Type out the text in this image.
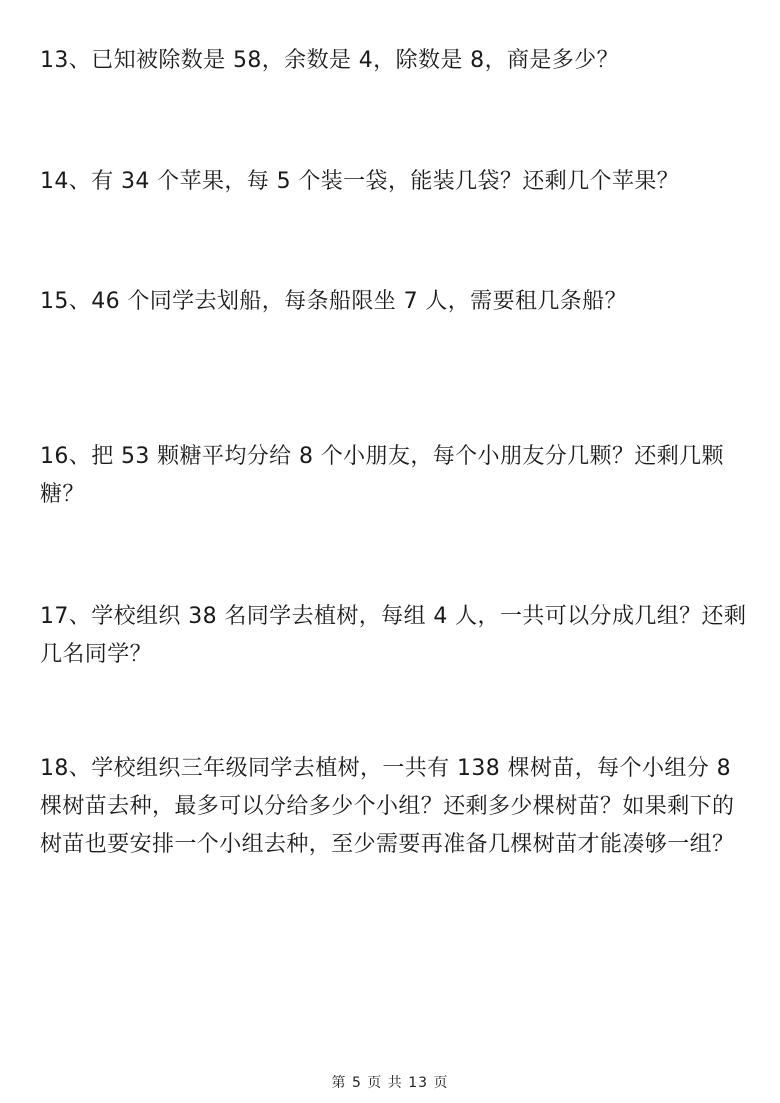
13、已知被除数是 58，余数是 4，除数是 8，商是多少？

14、有 34 个苹果，每 5 个装一袋，能装几袋？还剩几个苹果？

15、46 个同学去划船，每条船限坐 7 人，需要租几条船？

16、把 53 颗糖平均分给 8 个小朋友，每个小朋友分几颗？还剩几颗糖？

17、学校组织 38 名同学去植树，每组 4 人，一共可以分成几组？还剩几名同学？

18、学校组织三年级同学去植树，一共有 138 棵树苗，每个小组分 8 棵树苗去种，最多可以分给多少个小组？还剩多少棵树苗？如果剩下的树苗也要安排一个小组去种，至少需要再准备几棵树苗才能凑够一组？

第 5 页 共 13 页
